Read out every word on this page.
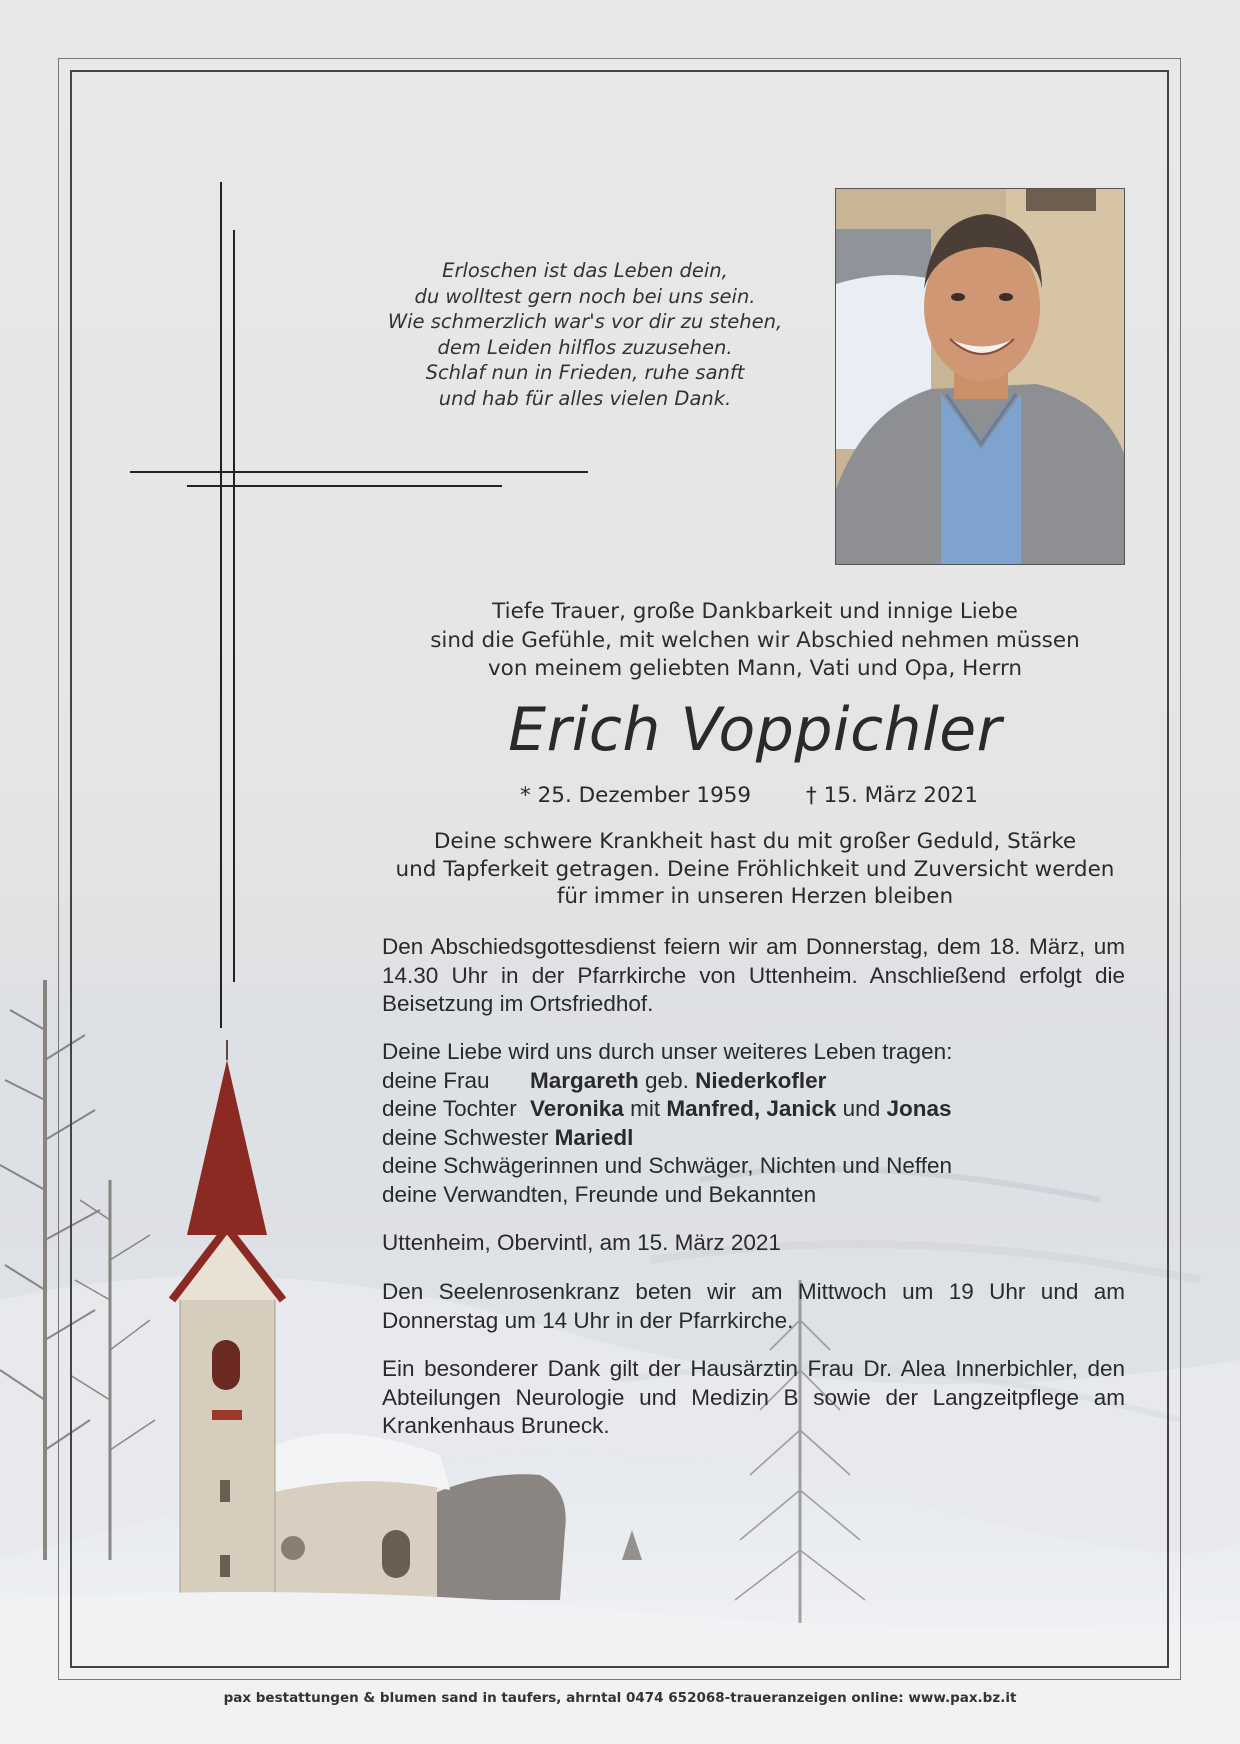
Erloschen ist das Leben dein,
du wolltest gern noch bei uns sein.
Wie schmerzlich war's vor dir zu stehen,
dem Leiden hilflos zuzusehen.
Schlaf nun in Frieden, ruhe sanft
und hab für alles vielen Dank.
Tiefe Trauer, große Dankbarkeit und innige Liebe
sind die Gefühle, mit welchen wir Abschied nehmen müssen
von meinem geliebten Mann, Vati und Opa, Herrn
Erich Voppichler
* 25. Dezember 1959	† 15. März 2021
Deine schwere Krankheit hast du mit großer Geduld, Stärke
und Tapferkeit getragen. Deine Fröhlichkeit und Zuversicht werden
für immer in unseren Herzen bleiben
Den Abschiedsgottesdienst feiern wir am Donnerstag, dem 18. März, um
14.30 Uhr in der Pfarrkirche von Uttenheim. Anschließend erfolgt die
Beisetzung im Ortsfriedhof.
Deine Liebe wird uns durch unser weiteres Leben tragen:
deine Frau Margareth geb. Niederkofler
deine Tochter Veronika mit Manfred, Janick und Jonas
deine Schwester Mariedl
deine Schwägerinnen und Schwäger, Nichten und Neffen
deine Verwandten, Freunde und Bekannten
Uttenheim, Obervintl, am 15. März 2021
Den Seelenrosenkranz beten wir am Mittwoch um 19 Uhr und am
Donnerstag um 14 Uhr in der Pfarrkirche.
Ein besonderer Dank gilt der Hausärztin Frau Dr. Alea Innerbichler, den
Abteilungen Neurologie und Medizin B sowie der Langzeitpflege am
Krankenhaus Bruneck.
pax bestattungen & blumen sand in taufers, ahrntal 0474 652068-traueranzeigen online: www.pax.bz.it
